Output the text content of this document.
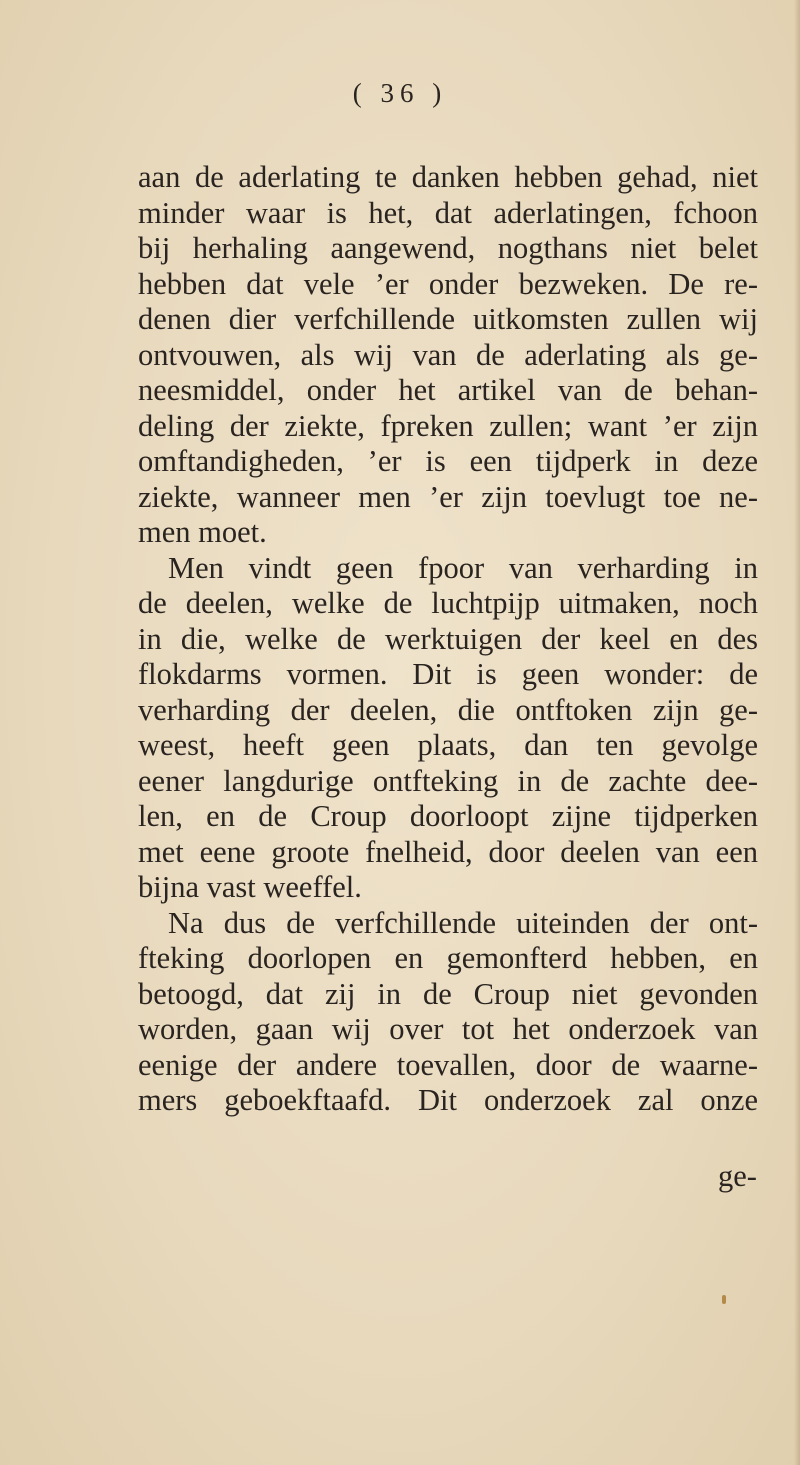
( 36 )
aan de aderlating te danken hebben gehad, niet
minder waar is het, dat aderlatingen, fchoon
bij herhaling aangewend, nogthans niet belet
hebben dat vele ’er onder bezweken. De re-
denen dier verfchillende uitkomsten zullen wij
ontvouwen, als wij van de aderlating als ge-
neesmiddel, onder het artikel van de behan-
deling der ziekte, fpreken zullen; want ’er zijn
omftandigheden, ’er is een tijdperk in deze
ziekte, wanneer men ’er zijn toevlugt toe ne-
men moet.
Men vindt geen fpoor van verharding in
de deelen, welke de luchtpijp uitmaken, noch
in die, welke de werktuigen der keel en des
flokdarms vormen. Dit is geen wonder: de
verharding der deelen, die ontftoken zijn ge-
weest, heeft geen plaats, dan ten gevolge
eener langdurige ontfteking in de zachte dee-
len, en de Croup doorloopt zijne tijdperken
met eene groote fnelheid, door deelen van een
bijna vast weeffel.
Na dus de verfchillende uiteinden der ont-
fteking doorlopen en gemonfterd hebben, en
betoogd, dat zij in de Croup niet gevonden
worden, gaan wij over tot het onderzoek van
eenige der andere toevallen, door de waarne-
mers geboekftaafd. Dit onderzoek zal onze
ge-
